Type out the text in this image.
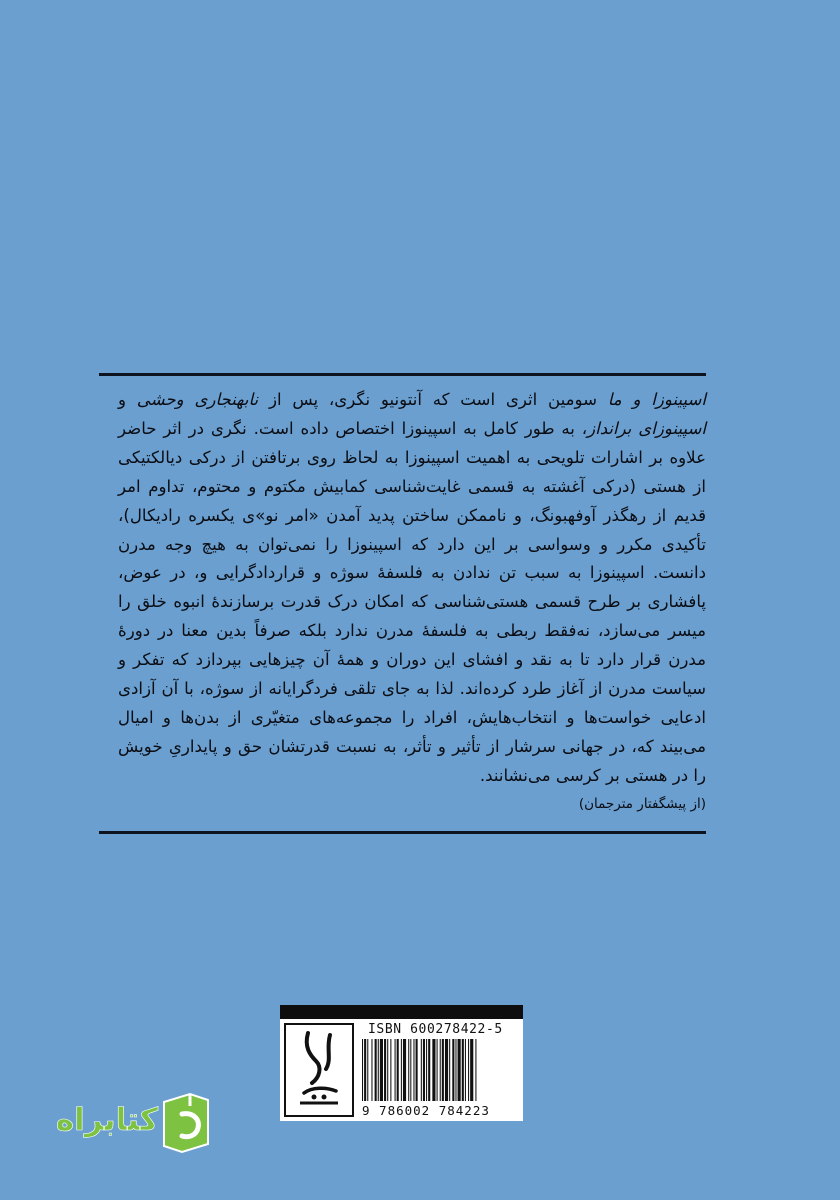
اسپینوزا و ما سومین اثری است که آنتونیو نگری، پس از نابهنجاری وحشی و اسپینوزای برانداز، به طور کامل به اسپینوزا اختصاص داده است. نگری در اثر حاضر علاوه بر اشارات تلویحی به اهمیت اسپینوزا به لحاظ روی برتافتن از درکی دیالکتیکی از هستی (درکی آغشته به قسمی غایت‌شناسی کمابیش مکتوم و محتوم، تداوم امر قدیم از رهگذر آوفهبونگ، و ناممکن ساختن پدید آمدن «امر نو»ی یکسره رادیکال)، تأکیدی مکرر و وسواسی بر این دارد که اسپینوزا را نمی‌توان به هیچ وجه مدرن دانست. اسپینوزا به سبب تن ندادن به فلسفهٔ سوژه و قراردادگرایی و، در عوض، پافشاری بر طرح قسمی هستی‌شناسی که امکان درک قدرت برسازندهٔ انبوه خلق را میسر می‌سازد، نه‌فقط ربطی به فلسفهٔ مدرن ندارد بلکه صرفاً بدین معنا در دورهٔ مدرن قرار دارد تا به نقد و افشای این دوران و همهٔ آن چیزهایی بپردازد که تفکر و سیاست مدرن از آغاز طرد کرده‌اند. لذا به جای تلقی فردگرایانه از سوژه، با آن آزادی ادعایی خواست‌ها و انتخاب‌هایش، افراد را مجموعه‌های متغیّری از بدن‌ها و امیال می‌بیند که، در جهانی سرشار از تأثیر و تأثر، به نسبت قدرتشان حق و پایداریِ خویش را در هستی بر کرسی می‌نشانند.

(از پیشگفتار مترجمان)
ISBN 600278422-5
9 786002 784223
کتابراه
